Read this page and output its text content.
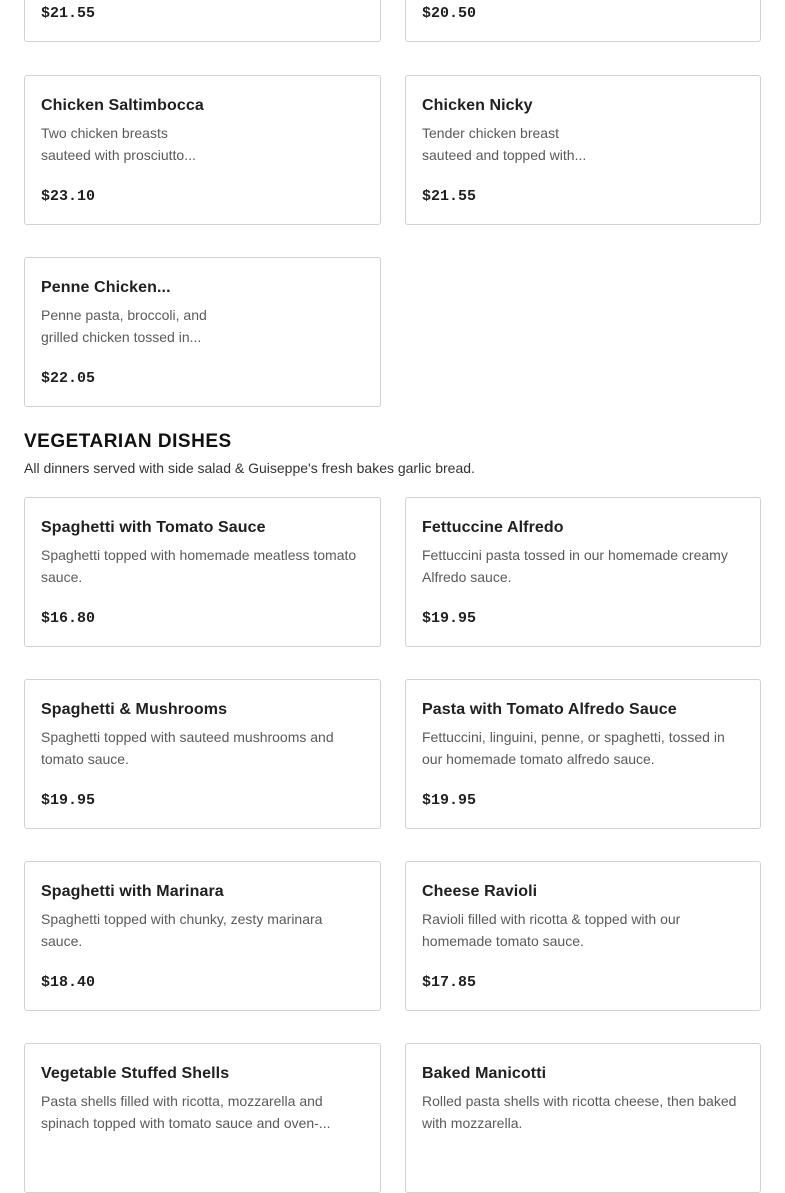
$21.55	$20.50
Chicken Saltimbocca
Two chicken breasts sauteed with prosciutto...
$23.10
Chicken Nicky
Tender chicken breast sauteed and topped with...
$21.55
Penne Chicken...
Penne pasta, broccoli, and grilled chicken tossed in...
$22.05
VEGETARIAN DISHES

All dinners served with side salad & Guiseppe's fresh bakes garlic bread.

Spaghetti with Tomato Sauce
Spaghetti topped with homemade meatless tomato sauce.
$16.80
Fettuccine Alfredo
Fettuccini pasta tossed in our homemade creamy Alfredo sauce.
$19.95
Spaghetti & Mushrooms
Spaghetti topped with sauteed mushrooms and tomato sauce.
$19.95
Pasta with Tomato Alfredo Sauce
Fettuccini, linguini, penne, or spaghetti, tossed in our homemade tomato alfredo sauce.
$19.95
Spaghetti with Marinara
Spaghetti topped with chunky, zesty marinara sauce.
$18.40
Cheese Ravioli
Ravioli filled with ricotta & topped with our homemade tomato sauce.
$17.85
Vegetable Stuffed Shells
Pasta shells filled with ricotta, mozzarella and spinach topped with tomato sauce and oven-...
Baked Manicotti
Rolled pasta shells with ricotta cheese, then baked with mozzarella.
